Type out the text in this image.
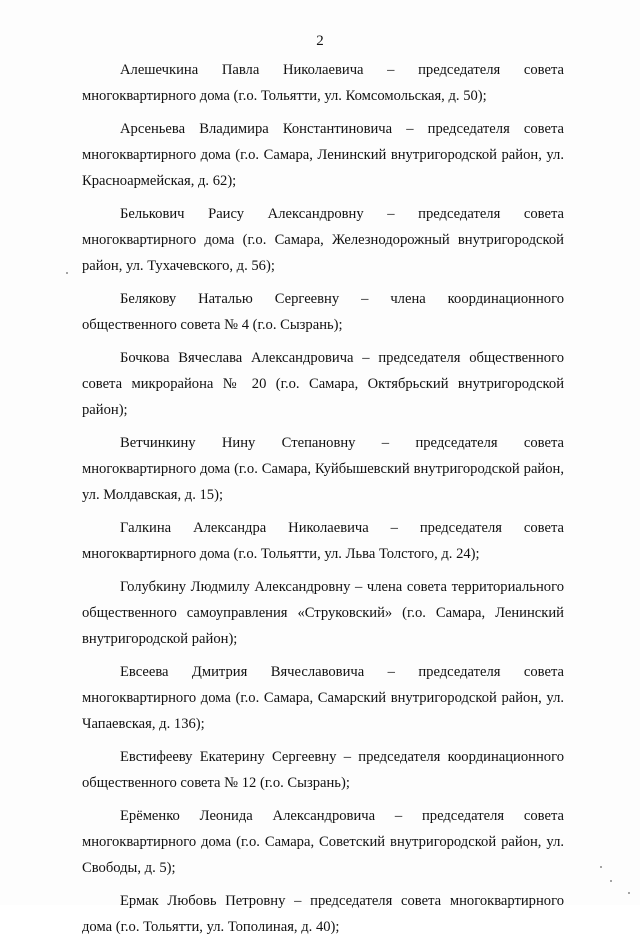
2

Алешечкина Павла Николаевича – председателя совета многоквартирного дома (г.о. Тольятти, ул. Комсомольская, д. 50);

Арсеньева Владимира Константиновича – председателя совета многоквартирного дома (г.о. Самара, Ленинский внутригородской район, ул. Красноармейская, д. 62);

Белькович Раису Александровну – председателя совета многоквартирного дома (г.о. Самара, Железнодорожный внутригородской район, ул. Тухачевского, д. 56);

Белякову Наталью Сергеевну – члена координационного общественного совета № 4 (г.о. Сызрань);

Бочкова Вячеслава Александровича – председателя общественного совета микрорайона № 20 (г.о. Самара, Октябрьский внутригородской район);

Ветчинкину Нину Степановну – председателя совета многоквартирного дома (г.о. Самара, Куйбышевский внутригородской район, ул. Молдавская, д. 15);

Галкина Александра Николаевича – председателя совета многоквартирного дома (г.о. Тольятти, ул. Льва Толстого, д. 24);

Голубкину Людмилу Александровну – члена совета территориального общественного самоуправления «Струковский» (г.о. Самара, Ленинский внутригородской район);

Евсеева Дмитрия Вячеславовича – председателя совета многоквартирного дома (г.о. Самара, Самарский внутригородской район, ул. Чапаевская, д. 136);

Евстифееву Екатерину Сергеевну – председателя координационного общественного совета № 12 (г.о. Сызрань);

Ерёменко Леонида Александровича – председателя совета многоквартирного дома (г.о. Самара, Советский внутригородской район, ул. Свободы, д. 5);

Ермак Любовь Петровну – председателя совета многоквартирного дома (г.о. Тольятти, ул. Тополиная, д. 40);
